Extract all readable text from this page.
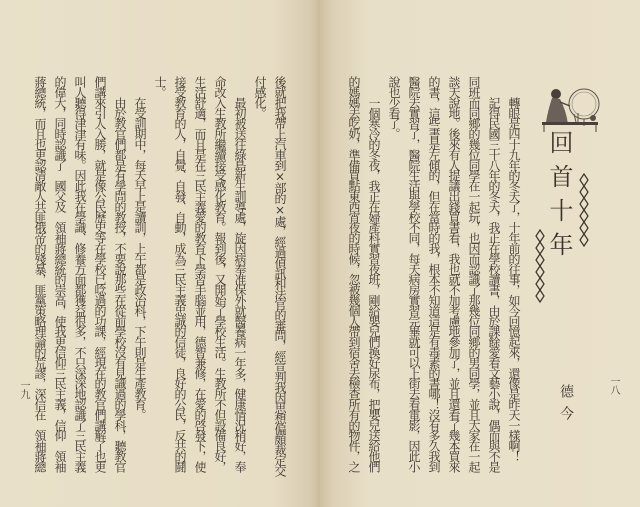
後就把我帶上汽車到×部的×處，經過偵訊和法官的審問，經宣判我因思想偏頗裁定交
付感化。
　　最初被送往綠島新生訓導處，旋因病奉准保外就醫養病一年多，健康情況稍好，奉
命改入生教所繼續接受感化教育。報到後，又開始了學校生活。生教所不但設備良好，
生活舒適，而且是在三民主義愛的教育下學習手腦並用，德智兼修，在愛的啓發下，使
接受教育的人，自覺、自發、自動，成為三民主義忠誠的信徒，良好的公民，反共的鬪
士。
　　在受訓期中，每天早上是讀訓，上午都是政治科，下午則是生產教育。
　　由於教官們都是有學問的教授，不要說那些在從前學校沒有見識過的學科，聽教官
們講來引人入勝，就是像公民歷史等在學校已唸過的功課，經現在的教官們講解了也更
叫人聽得津津有味。因此我在學識、修養方面都獲益很多，不只深深地認識了三民主義
的偉大，同時認識了　國父及　領袖蔣總統的崇高，使我更信仰三民主義，信仰　領袖
蔣總統，而且也更認清敵人共匪俄帝的殘暴，匪黨策略理論的荒謬，深信在　領袖蔣總
一九	　　轉眼是四十九年的冬天了，十年前的往事，如今回憶起來，還像是昨天一樣啊！
　　記得民國三十八年的冬天，我正在學校讀書，由於課餘愛看文藝小說，偶而與不是
同班而同鄉的幾位同學在一起玩，也因而認識了那幾位同鄉的男同學，並且大家在一起
談天說地。後來有人提議出錢買書看，我也就不加考慮地參加了，並且還看了幾本買來
的書，這些書是左傾的，但在當時的我，根本不知道這是有毒素的書哪！沒有多久我到
醫院去實習了，醫院生活與學校不同，每天病房實習完畢就可以上街去看電影，因此小
說也少看了。
　　一個寒冷的冬夜，我正在婦產科實習夜班，剛給嬰兒們換好尿布，把嬰兒送給他們
的媽媽去吃奶，準備買點東西宵夜的時候，忽被幾個人帶到宿舍去檢查所有的物件，之	回首十年
德今	一八
